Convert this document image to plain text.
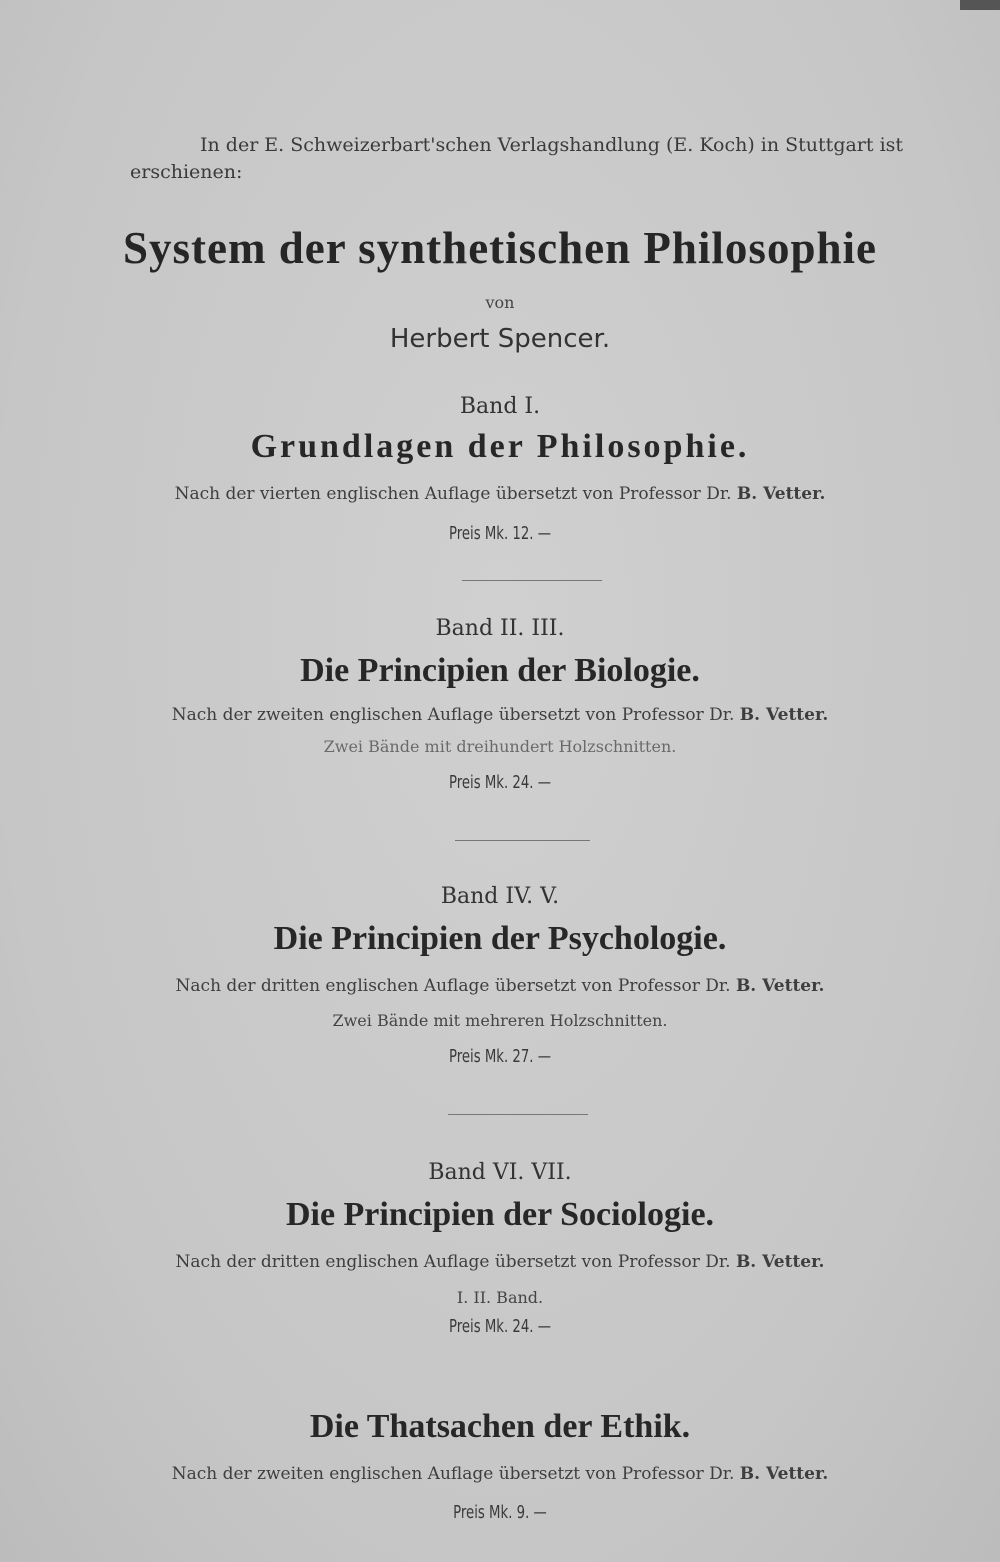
In der E. Schweizerbart'schen Verlagshandlung (E. Koch) in Stuttgart ist erschienen:
System der synthetischen Philosophie
von
Herbert Spencer.
Band I.
Grundlagen der Philosophie.
Nach der vierten englischen Auflage übersetzt von Professor Dr. B. Vetter.
Preis Mk. 12. —
Band II. III.
Die Principien der Biologie.
Nach der zweiten englischen Auflage übersetzt von Professor Dr. B. Vetter.
Zwei Bände mit dreihundert Holzschnitten.
Preis Mk. 24. —
Band IV. V.
Die Principien der Psychologie.
Nach der dritten englischen Auflage übersetzt von Professor Dr. B. Vetter.
Zwei Bände mit mehreren Holzschnitten.
Preis Mk. 27. —
Band VI. VII.
Die Principien der Sociologie.
Nach der dritten englischen Auflage übersetzt von Professor Dr. B. Vetter.
I. II. Band.
Preis Mk. 24. —
Die Thatsachen der Ethik.
Nach der zweiten englischen Auflage übersetzt von Professor Dr. B. Vetter.
Preis Mk. 9. —
